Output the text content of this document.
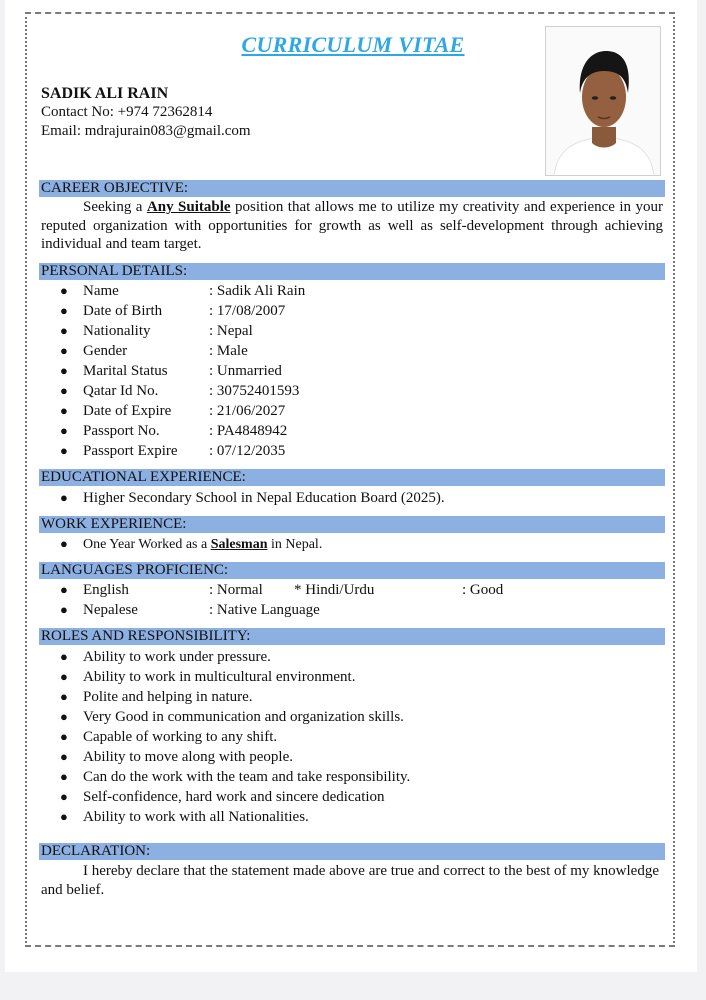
CURRICULUM VITAE
SADIK ALI RAIN
Contact No: +974 72362814
Email: mdrajurain083@gmail.com
CAREER OBJECTIVE:
Seeking a Any Suitable position that allows me to utilize my creativity and experience in your reputed organization with opportunities for growth as well as self-development through achieving individual and team target.
PERSONAL DETAILS:
● Name	: Sadik Ali Rain
● Date of Birth	: 17/08/2007
● Nationality	: Nepal
● Gender	: Male
● Marital Status	: Unmarried
● Qatar Id No.	: 30752401593
● Date of Expire	: 21/06/2027
● Passport No.	: PA4848942
● Passport Expire : 07/12/2035
EDUCATIONAL EXPERIENCE:
● Higher Secondary School in Nepal Education Board (2025).
WORK EXPERIENCE:
● One Year Worked as a Salesman in Nepal.
LANGUAGES PROFICIENC:
● English	: Normal * Hindi/Urdu	: Good
● Nepalese	: Native Language
ROLES AND RESPONSIBILITY:
● Ability to work under pressure.
● Ability to work in multicultural environment.
● Polite and helping in nature.
● Very Good in communication and organization skills.
● Capable of working to any shift.
● Ability to move along with people.
● Can do the work with the team and take responsibility.
● Self-confidence, hard work and sincere dedication
● Ability to work with all Nationalities.
DECLARATION:
I hereby declare that the statement made above are true and correct to the best of my knowledge and belief.
